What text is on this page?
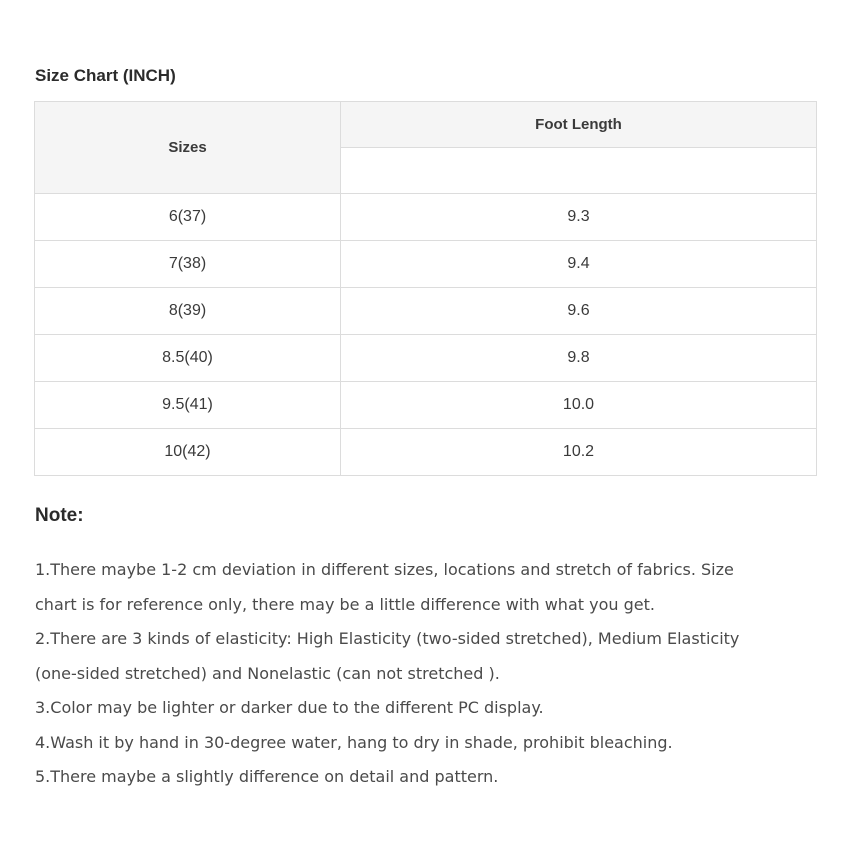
Size Chart (INCH)
Sizes	Foot Length

6(37)	9.3
7(38)	9.4
8(39)	9.6
8.5(40)	9.8
9.5(41)	10.0
10(42)	10.2
Note:
1.There maybe 1-2 cm deviation in different sizes, locations and stretch of fabrics. Size
chart is for reference only, there may be a little difference with what you get.
2.There are 3 kinds of elasticity: High Elasticity (two-sided stretched), Medium Elasticity
(one-sided stretched) and Nonelastic (can not stretched ).
3.Color may be lighter or darker due to the different PC display.
4.Wash it by hand in 30-degree water, hang to dry in shade, prohibit bleaching.
5.There maybe a slightly difference on detail and pattern.
